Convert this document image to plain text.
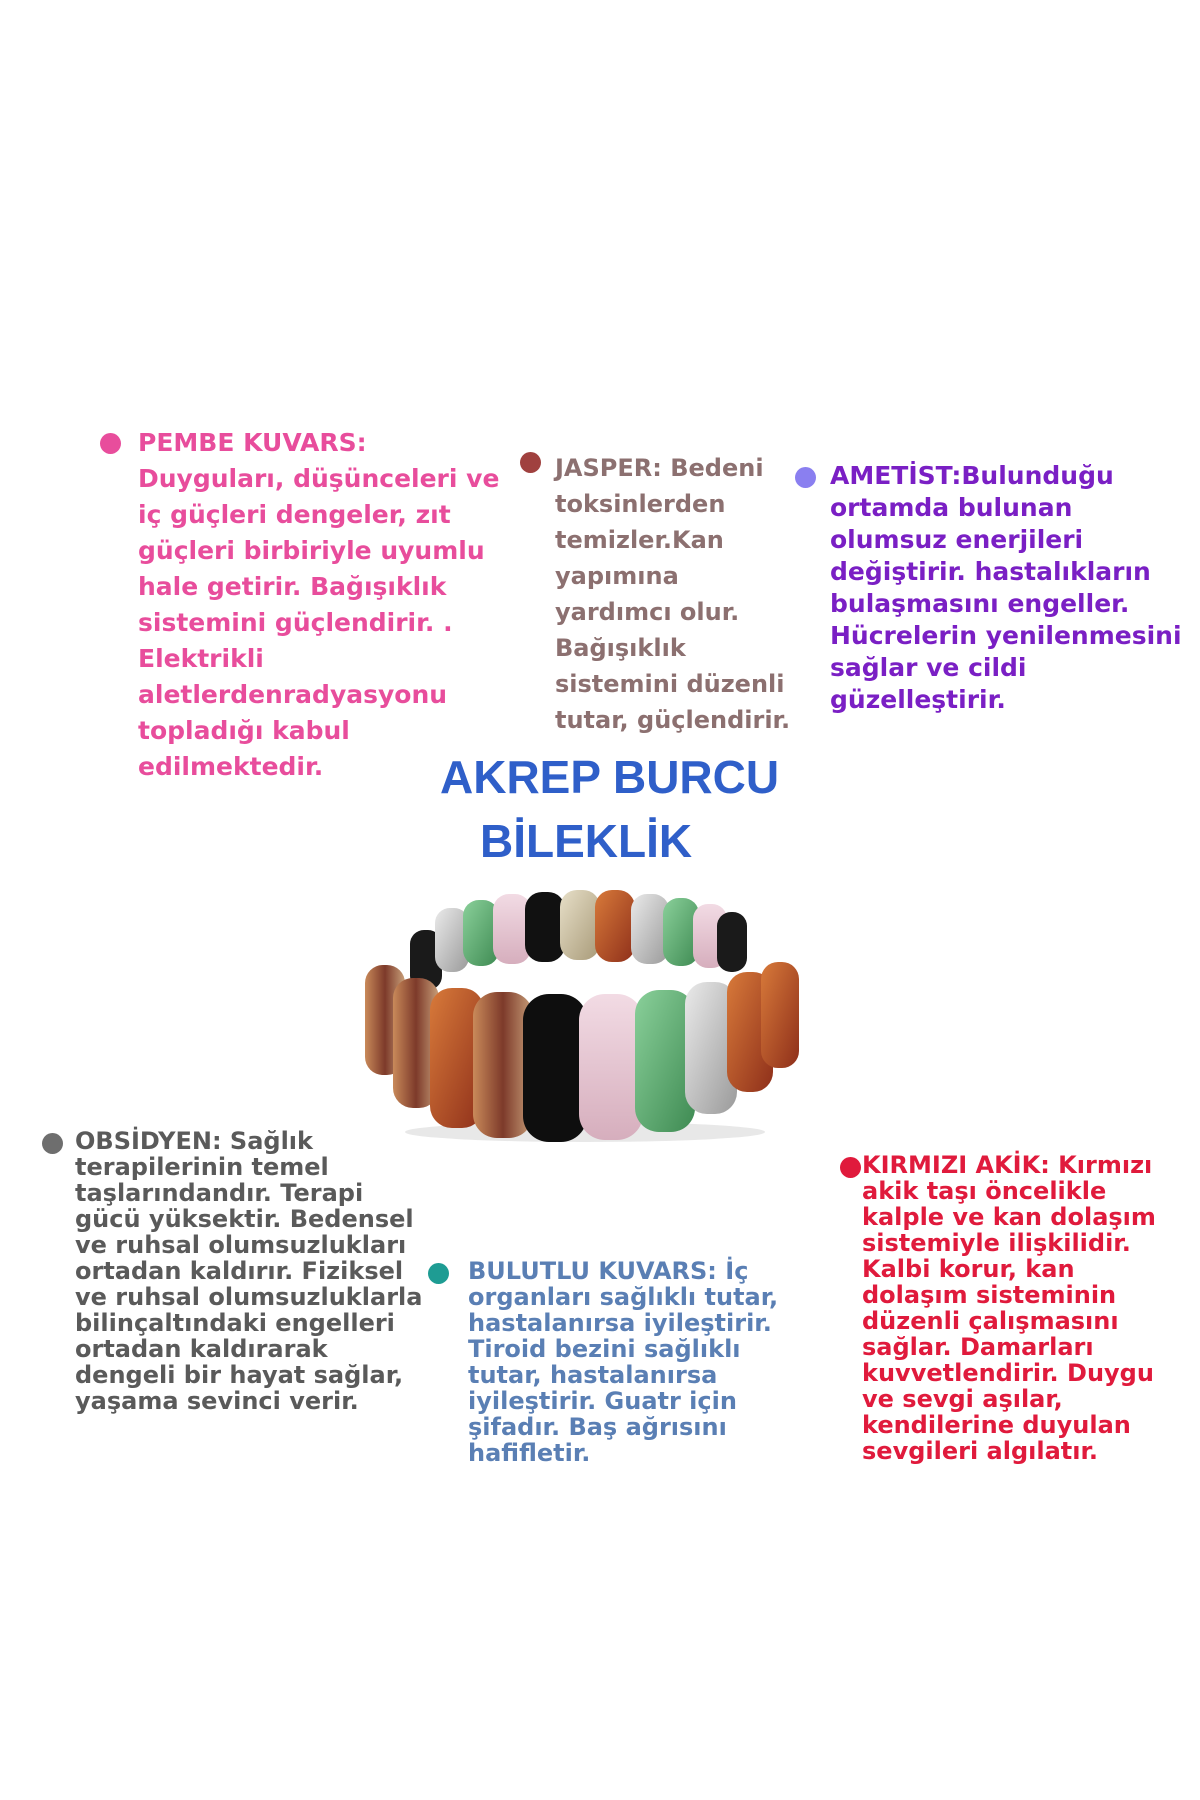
PEMBE KUVARS:
Duyguları, düşünceleri ve iç güçleri dengeler, zıt güçleri birbiriyle uyumlu hale getirir. Bağışıklık sistemini güçlendirir. . Elektrikli aletlerdenradyasyonu topladığı kabul edilmektedir.

JASPER: Bedeni toksinlerden temizler.Kan yapımına yardımcı olur. Bağışıklık sistemini düzenli tutar, güçlendirir.

AMETİST:Bulunduğu ortamda bulunan olumsuz enerjileri değiştirir. hastalıkların bulaşmasını engeller. Hücrelerin yenilenmesini sağlar ve cildi güzelleştirir.

AKREP BURCU
BİLEKLİK

OBSİDYEN: Sağlık terapilerinin temel taşlarındandır. Terapi gücü yüksektir. Bedensel ve ruhsal olumsuzlukları ortadan kaldırır. Fiziksel ve ruhsal olumsuzluklarla bilinçaltındaki engelleri ortadan kaldırarak dengeli bir hayat sağlar, yaşama sevinci verir.

BULUTLU KUVARS: İç organları sağlıklı tutar, hastalanırsa iyileştirir. Tiroid bezini sağlıklı tutar, hastalanırsa iyileştirir. Guatr için şifadır. Baş ağrısını hafifletir.

KIRMIZI AKİK: Kırmızı akik taşı öncelikle kalple ve kan dolaşım sistemiyle ilişkilidir. Kalbi korur, kan dolaşım sisteminin düzenli çalışmasını sağlar. Damarları kuvvetlendirir. Duygu ve sevgi aşılar, kendilerine duyulan sevgileri algılatır.
